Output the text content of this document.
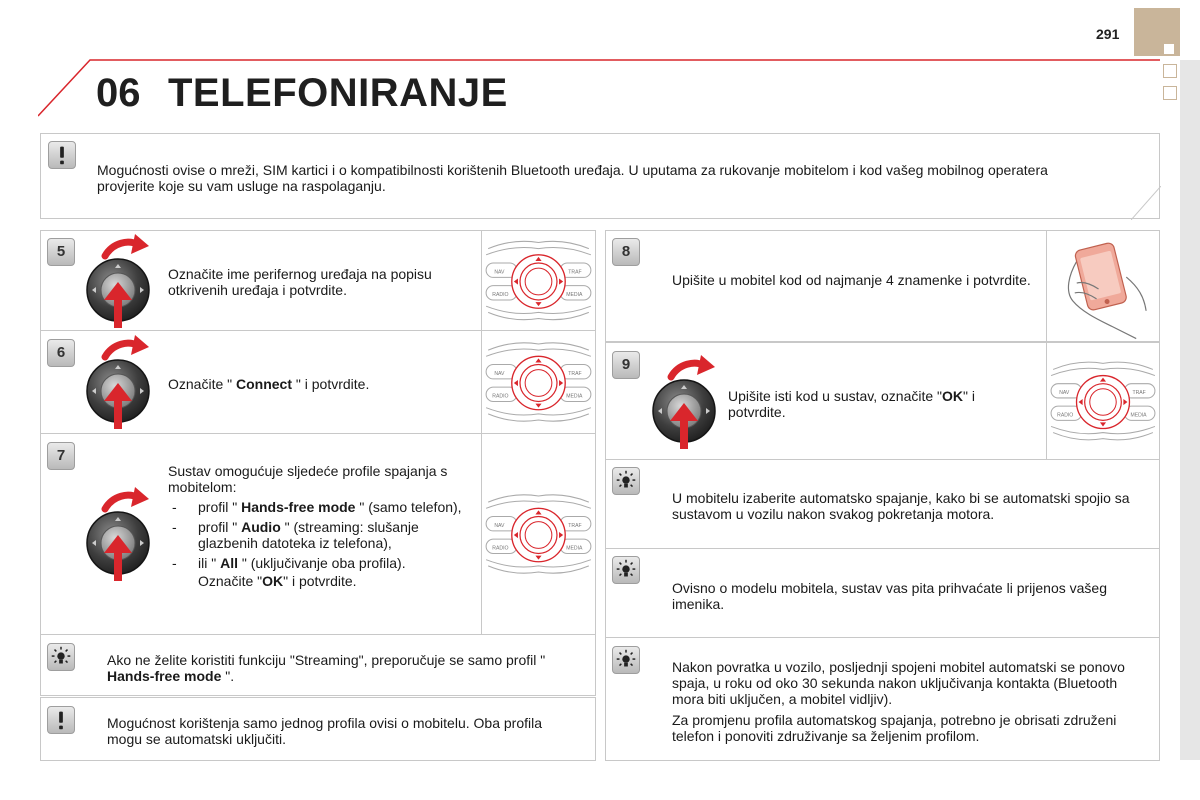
291
06 TELEFONIRANJE
Mogućnosti ovise o mreži, SIM kartici i o kompatibilnosti korištenih Bluetooth uređaja. U uputama za rukovanje mobitelom i kod vašeg mobilnog operatera provjerite koje su vam usluge na raspolaganju.
5
Označite ime perifernog uređaja na popisu otkrivenih uređaja i potvrdite.
NAV	TRAF
RADIO	MEDIA
6
Označite " Connect " i potvrdite.
NAV	TRAF
RADIO	MEDIA
7
Sustav omogućuje sljedeće profile spajanja s mobitelom:
- profil " Hands-free mode " (samo telefon),
- profil " Audio " (streaming: slušanje glazbenih datoteka iz telefona),
- ili " All " (uključivanje oba profila).
Označite "OK" i potvrdite.
NAV	TRAF
RADIO	MEDIA
Ako ne želite koristiti funkciju "Streaming", preporučuje se samo profil " Hands-free mode ".
Mogućnost korištenja samo jednog profila ovisi o mobitelu. Oba profila mogu se automatski uključiti.
8
Upišite u mobitel kod od najmanje 4 znamenke i potvrdite.
9
Upišite isti kod u sustav, označite "OK" i potvrdite.
NAV	TRAF
RADIO	MEDIA
U mobitelu izaberite automatsko spajanje, kako bi se automatski spojio sa sustavom u vozilu nakon svakog pokretanja motora.
Ovisno o modelu mobitela, sustav vas pita prihvaćate li prijenos vašeg imenika.
Nakon povratka u vozilo, posljednji spojeni mobitel automatski se ponovo spaja, u roku od oko 30 sekunda nakon uključivanja kontakta (Bluetooth mora biti uključen, a mobitel vidljiv).
Za promjenu profila automatskog spajanja, potrebno je obrisati združeni telefon i ponoviti združivanje sa željenim profilom.
